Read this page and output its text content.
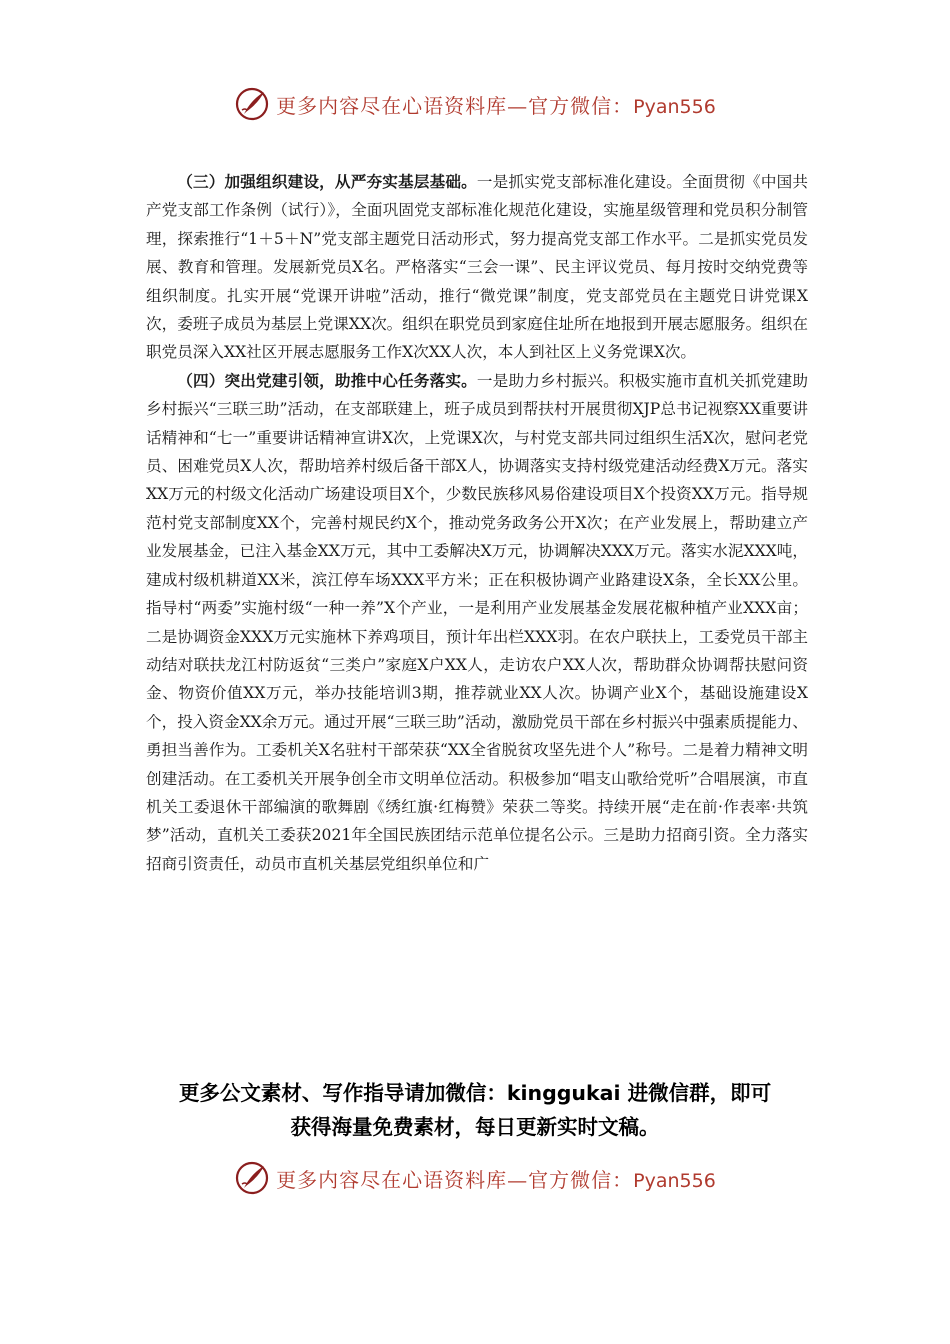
更多内容尽在心语资料库—官方微信：Pyan556

（三）加强组织建设，从严夯实基层基础。一是抓实党支部标准化建设。全面贯彻《中国共产党支部工作条例（试行）》，全面巩固党支部标准化规范化建设，实施星级管理和党员积分制管理，探索推行“1＋5＋N”党支部主题党日活动形式，努力提高党支部工作水平。二是抓实党员发展、教育和管理。发展新党员X名。严格落实“三会一课”、民主评议党员、每月按时交纳党费等组织制度。扎实开展“党课开讲啦”活动，推行“微党课”制度，党支部党员在主题党日讲党课X次，委班子成员为基层上党课XX次。组织在职党员到家庭住址所在地报到开展志愿服务。组织在职党员深入XX社区开展志愿服务工作X次XX人次，本人到社区上义务党课X次。

（四）突出党建引领，助推中心任务落实。一是助力乡村振兴。积极实施市直机关抓党建助乡村振兴“三联三助”活动，在支部联建上，班子成员到帮扶村开展贯彻XJP总书记视察XX重要讲话精神和“七一”重要讲话精神宣讲X次，上党课X次，与村党支部共同过组织生活X次，慰问老党员、困难党员X人次，帮助培养村级后备干部X人，协调落实支持村级党建活动经费X万元。落实XX万元的村级文化活动广场建设项目X个，少数民族移风易俗建设项目X个投资XX万元。指导规范村党支部制度XX个，完善村规民约X个，推动党务政务公开X次；在产业发展上，帮助建立产业发展基金，已注入基金XX万元，其中工委解决X万元，协调解决XXX万元。落实水泥XXX吨，建成村级机耕道XX米，滨江停车场XXX平方米；正在积极协调产业路建设X条，全长XX公里。指导村“两委”实施村级“一种一养”X个产业，一是利用产业发展基金发展花椒种植产业XXX亩；二是协调资金XXX万元实施林下养鸡项目，预计年出栏XXX羽。在农户联扶上，工委党员干部主动结对联扶龙江村防返贫“三类户”家庭X户XX人，走访农户XX人次，帮助群众协调帮扶慰问资金、物资价值XX万元，举办技能培训3期，推荐就业XX人次。协调产业X个，基础设施建设X个，投入资金XX余万元。通过开展“三联三助”活动，激励党员干部在乡村振兴中强素质提能力、勇担当善作为。工委机关X名驻村干部荣获“XX全省脱贫攻坚先进个人”称号。二是着力精神文明创建活动。在工委机关开展争创全市文明单位活动。积极参加“唱支山歌给党听”合唱展演，市直机关工委退休干部编演的歌舞剧《绣红旗·红梅赞》荣获二等奖。持续开展“走在前·作表率·共筑梦”活动，直机关工委获2021年全国民族团结示范单位提名公示。三是助力招商引资。全力落实招商引资责任，动员市直机关基层党组织单位和广

更多公文素材、写作指导请加微信：kinggukai 进微信群，即可
获得海量免费素材，每日更新实时文稿。
更多内容尽在心语资料库—官方微信：Pyan556
